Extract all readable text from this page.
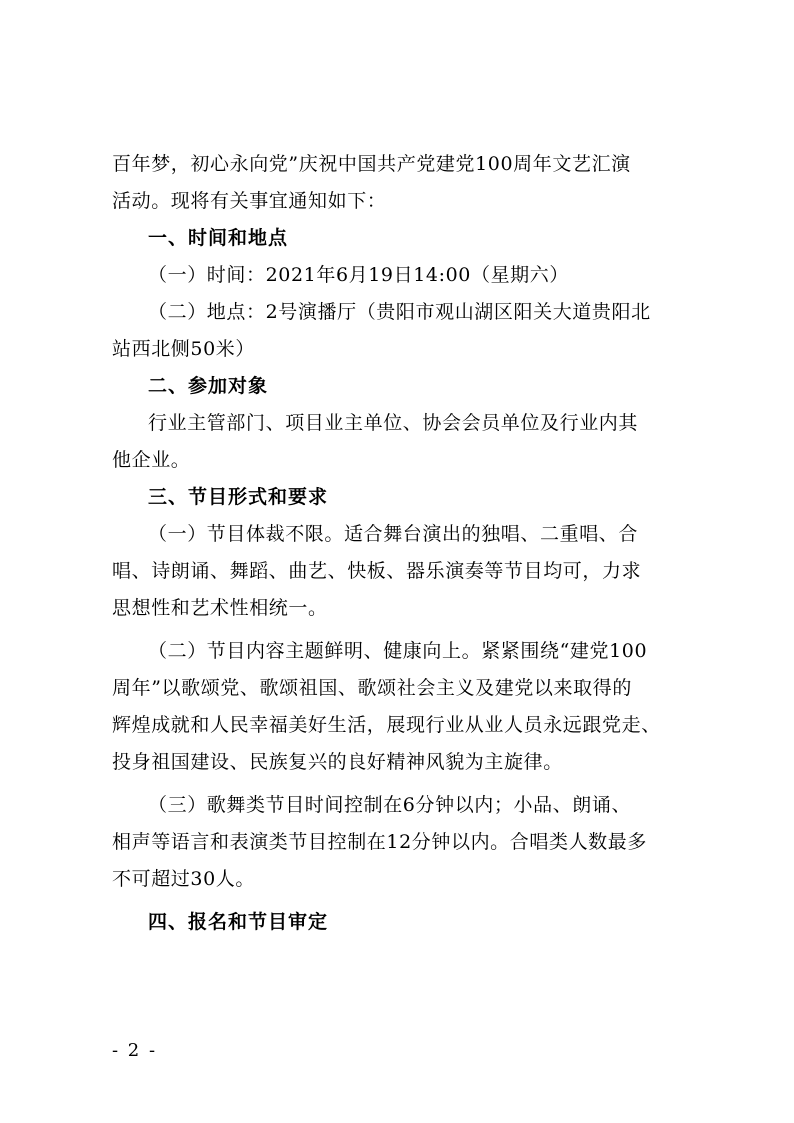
百年梦，初心永向党”庆祝中国共产党建党100周年文艺汇演
活动。现将有关事宜通知如下：
一、时间和地点
（一）时间：2021年6月19日14:00（星期六）
（二）地点：2号演播厅（贵阳市观山湖区阳关大道贵阳北
站西北侧50米）
二、参加对象
行业主管部门、项目业主单位、协会会员单位及行业内其
他企业。
三、节目形式和要求
（一）节目体裁不限。适合舞台演出的独唱、二重唱、合
唱、诗朗诵、舞蹈、曲艺、快板、器乐演奏等节目均可，力求
思想性和艺术性相统一。
（二）节目内容主题鲜明、健康向上。紧紧围绕“建党100
周年”以歌颂党、歌颂祖国、歌颂社会主义及建党以来取得的
辉煌成就和人民幸福美好生活，展现行业从业人员永远跟党走、
投身祖国建设、民族复兴的良好精神风貌为主旋律。
（三）歌舞类节目时间控制在6分钟以内；小品、朗诵、
相声等语言和表演类节目控制在12分钟以内。合唱类人数最多
不可超过30人。
四、报名和节目审定
- 2 -
